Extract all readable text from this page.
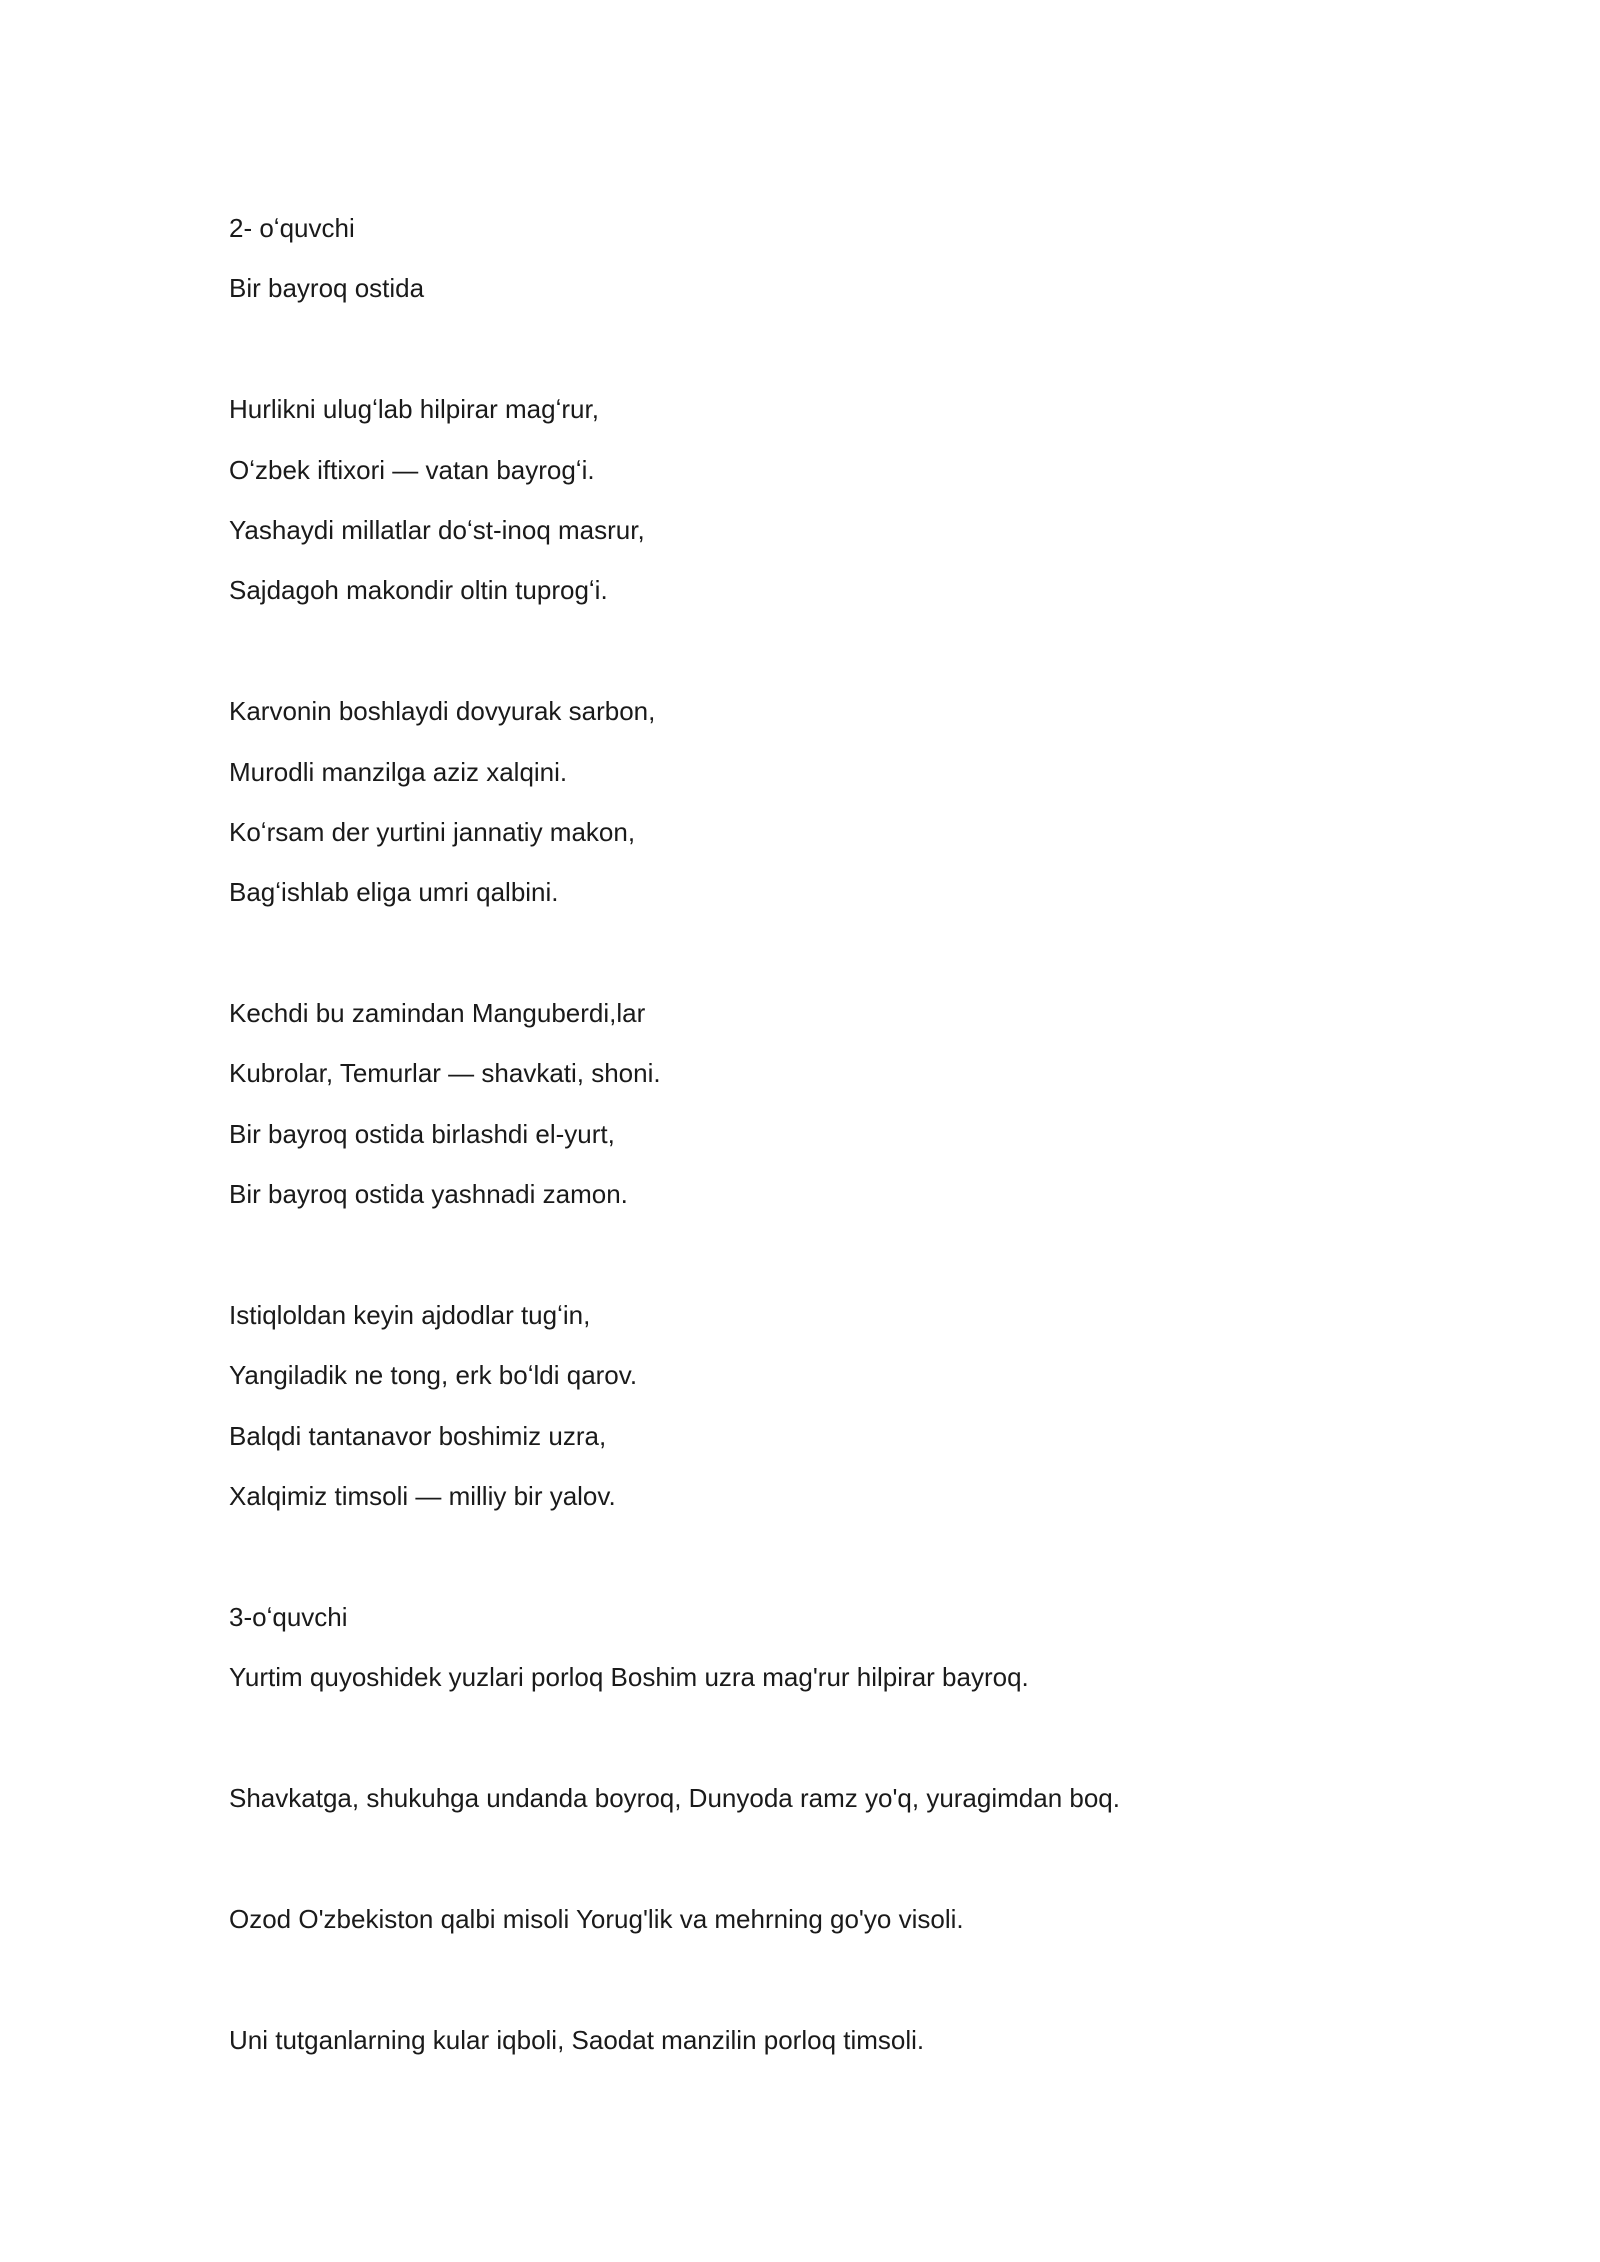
2- oʻquvchi
Bir bayroq ostida
Hurlikni ulugʻlab hilpirar magʻrur,
Oʻzbek iftixori — vatan bayrogʻi.
Yashaydi millatlar doʻst-inoq masrur,
Sajdagoh makondir oltin tuprogʻi.
Karvonin boshlaydi dovyurak sarbon,
Murodli manzilga aziz xalqini.
Koʻrsam der yurtini jannatiy makon,
Bagʻishlab eliga umri qalbini.
Kechdi bu zamindan Manguberdi,lar
Kubrolar, Temurlar — shavkati, shoni.
Bir bayroq ostida birlashdi el-yurt,
Bir bayroq ostida yashnadi zamon.
Istiqloldan keyin ajdodlar tugʻin,
Yangiladik ne tong, erk boʻldi qarov.
Balqdi tantanavor boshimiz uzra,
Xalqimiz timsoli — milliy bir yalov.
3-oʻquvchi
Yurtim quyoshidek yuzlari porloq Boshim uzra mag'rur hilpirar bayroq.
Shavkatga, shukuhga undanda boyroq, Dunyoda ramz yo'q, yuragimdan boq.
Ozod O'zbekiston qalbi misoli Yorug'lik va mehrning go'yo visoli.
Uni tutganlarning kular iqboli, Saodat manzilin porloq timsoli.
